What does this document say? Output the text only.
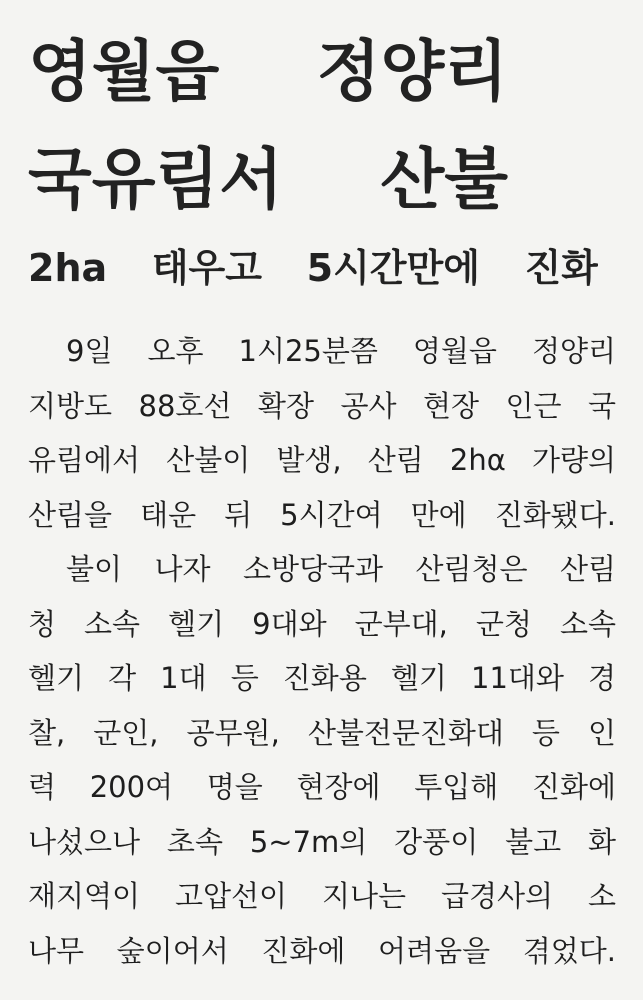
영월읍 정양리
국유림서 산불
2ha 태우고 5시간만에 진화
9일 오후 1시25분쯤 영월읍 정양리
지방도 88호선 확장 공사 현장 인근 국
유림에서 산불이 발생, 산림 2hα 가량의
산림을 태운 뒤 5시간여 만에 진화됐다.
불이 나자 소방당국과 산림청은 산림
청 소속 헬기 9대와 군부대, 군청 소속
헬기 각 1대 등 진화용 헬기 11대와 경
찰, 군인, 공무원, 산불전문진화대 등 인
력 200여 명을 현장에 투입해 진화에
나섰으나 초속 5~7m의 강풍이 불고 화
재지역이 고압선이 지나는 급경사의 소
나무 숲이어서 진화에 어려움을 겪었다.
